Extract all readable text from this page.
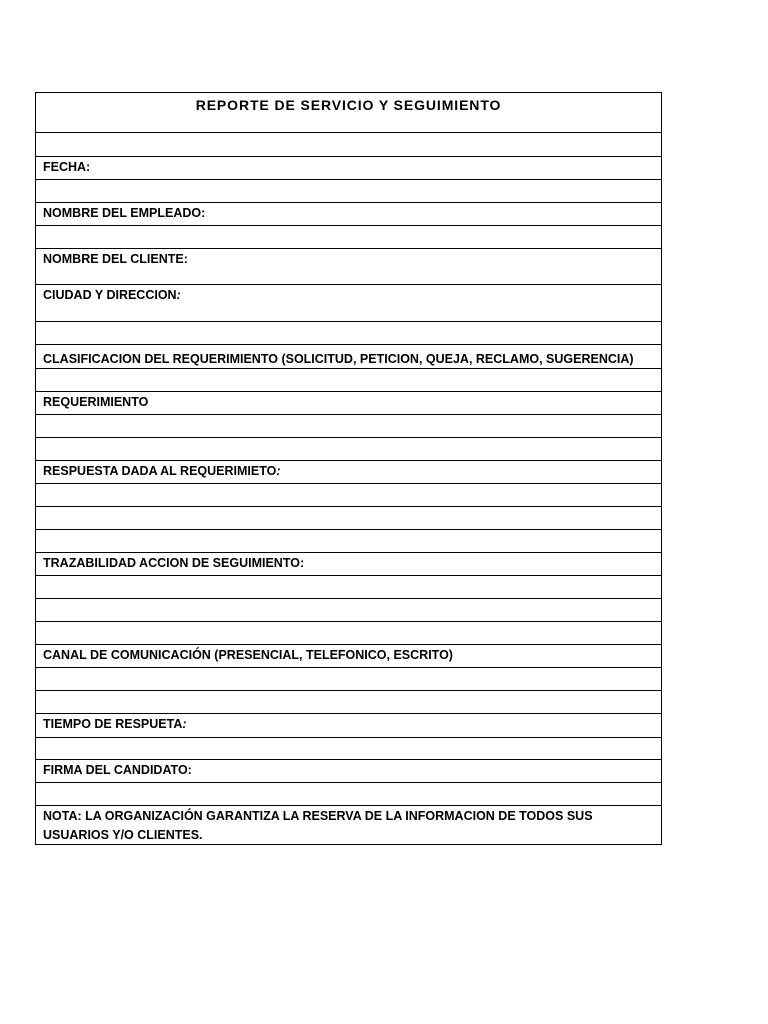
REPORTE DE SERVICIO Y SEGUIMIENTO
FECHA:
NOMBRE DEL EMPLEADO:
NOMBRE DEL CLIENTE:
CIUDAD Y DIRECCION:
CLASIFICACION DEL REQUERIMIENTO (SOLICITUD, PETICION, QUEJA, RECLAMO, SUGERENCIA)
REQUERIMIENTO
RESPUESTA DADA AL REQUERIMIETO:
TRAZABILIDAD ACCION DE SEGUIMIENTO:
CANAL DE COMUNICACIÓN (PRESENCIAL, TELEFONICO, ESCRITO)
TIEMPO DE RESPUETA:
FIRMA DEL CANDIDATO:
NOTA: LA ORGANIZACIÓN GARANTIZA LA RESERVA DE LA INFORMACION DE TODOS SUS
USUARIOS Y/O CLIENTES.
